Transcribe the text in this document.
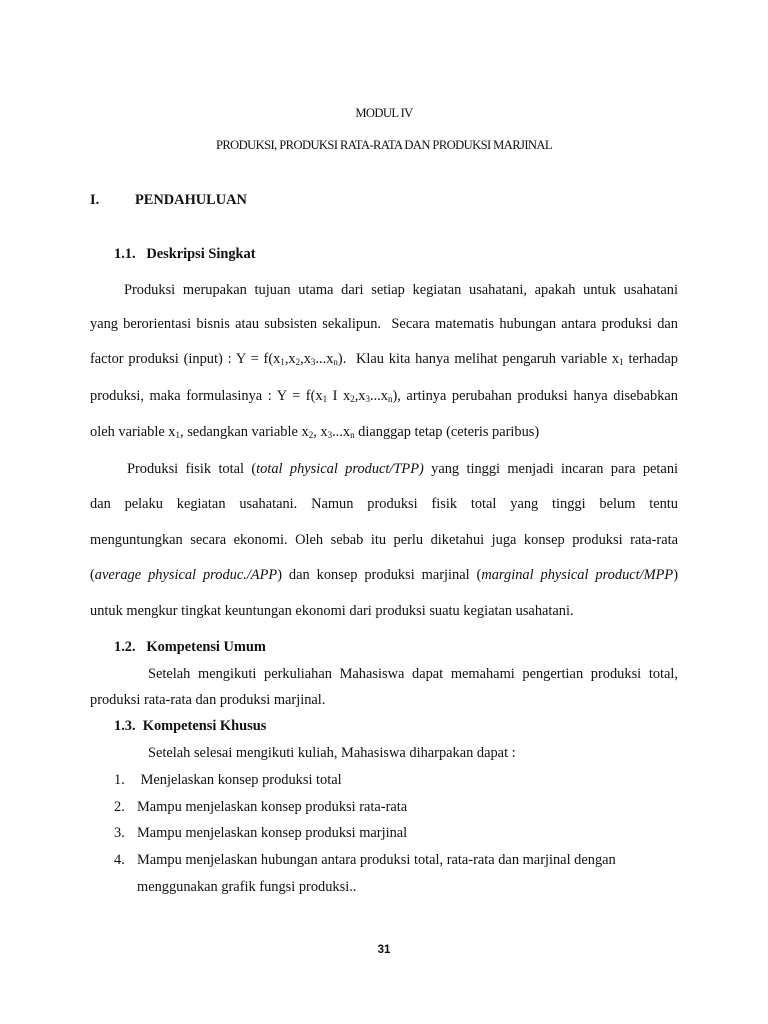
MODUL IV
PRODUKSI, PRODUKSI RATA-RATA DAN PRODUKSI MARJINAL
I. PENDAHULUAN
1.1.   Deskripsi Singkat
Produksi merupakan tujuan utama dari setiap kegiatan usahatani, apakah untuk usahatani
yang berorientasi bisnis atau subsisten sekalipun.  Secara matematis hubungan antara produksi dan
factor produksi (input) : $Y = f(x_1,x_2,x_3...x_n)$.  Klau kita hanya melihat pengaruh variable $x_1$ terhadap
produksi, maka formulasinya : $Y = f(x_1$ I $x_2,x_3...x_n$), artinya perubahan produksi hanya disebabkan
oleh variable $x_1$, sedangkan variable $x_2$, $x_3...x_n$ dianggap tetap (ceteris paribus)
Produksi fisik total (total physical product/TPP) yang tinggi menjadi incaran para petani
dan pelaku kegiatan usahatani. Namun produksi fisik total yang tinggi belum tentu
menguntungkan secara ekonomi. Oleh sebab itu perlu diketahui juga konsep produksi rata-rata
(average physical produc./APP) dan konsep produksi marjinal (marginal physical product/MPP)
untuk mengkur tingkat keuntungan ekonomi dari produksi suatu kegiatan usahatani.
1.2.   Kompetensi Umum
Setelah mengikuti perkuliahan Mahasiswa dapat memahami pengertian produksi total,
produksi rata-rata dan produksi marjinal.
1.3.  Kompetensi Khusus
Setelah selesai mengikuti kuliah, Mahasiswa diharpakan dapat :
1. Menjelaskan konsep produksi total
2. Mampu menjelaskan konsep produksi rata-rata
3. Mampu menjelaskan konsep produksi marjinal
4. Mampu menjelaskan hubungan antara produksi total, rata-rata dan marjinal dengan
menggunakan grafik fungsi produksi..
31
